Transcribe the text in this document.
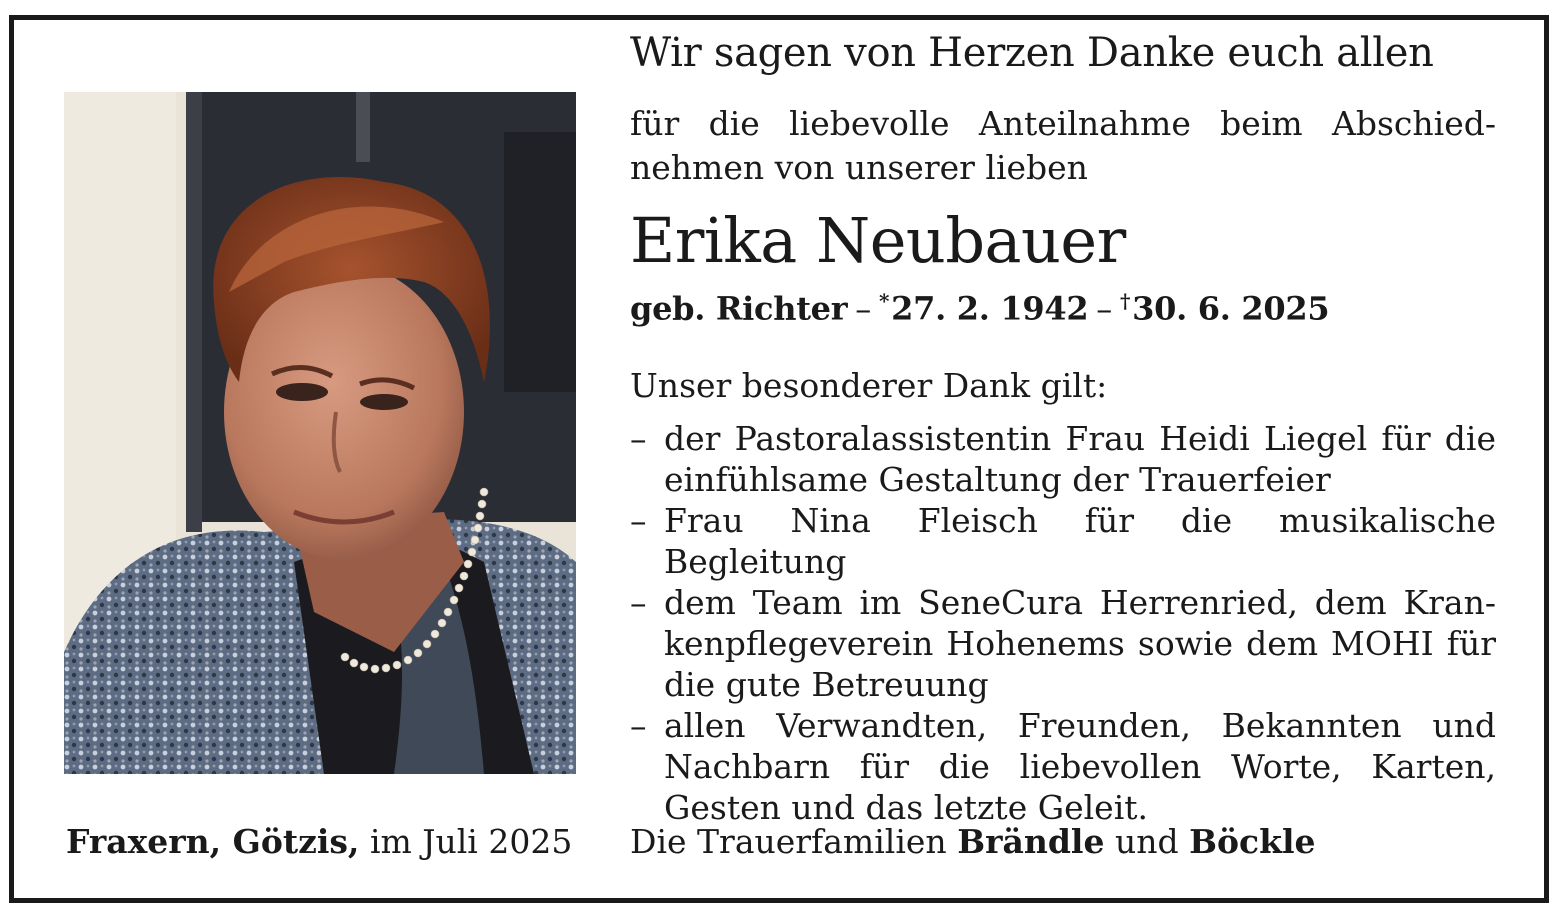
Wir sagen von Herzen Danke euch allen
für die liebevolle Anteilnahme beim Abschied-nehmen von unserer lieben
Erika Neubauer
geb. Richter – *27. 2. 1942 – †30. 6. 2025
Unser besonderer Dank gilt:
– der Pastoralassistentin Frau Heidi Liegel für die einfühlsame Gestaltung der Trauerfeier
– Frau Nina Fleisch für die musikalische Begleitung
– dem Team im SeneCura Herrenried, dem Kran-kenpflegeverein Hohenems sowie dem MOHI für die gute Betreuung
– allen Verwandten, Freunden, Bekannten und Nachbarn für die liebevollen Worte, Karten, Gesten und das letzte Geleit.
Fraxern, Götzis, im Juli 2025 Die Trauerfamilien Brändle und Böckle
